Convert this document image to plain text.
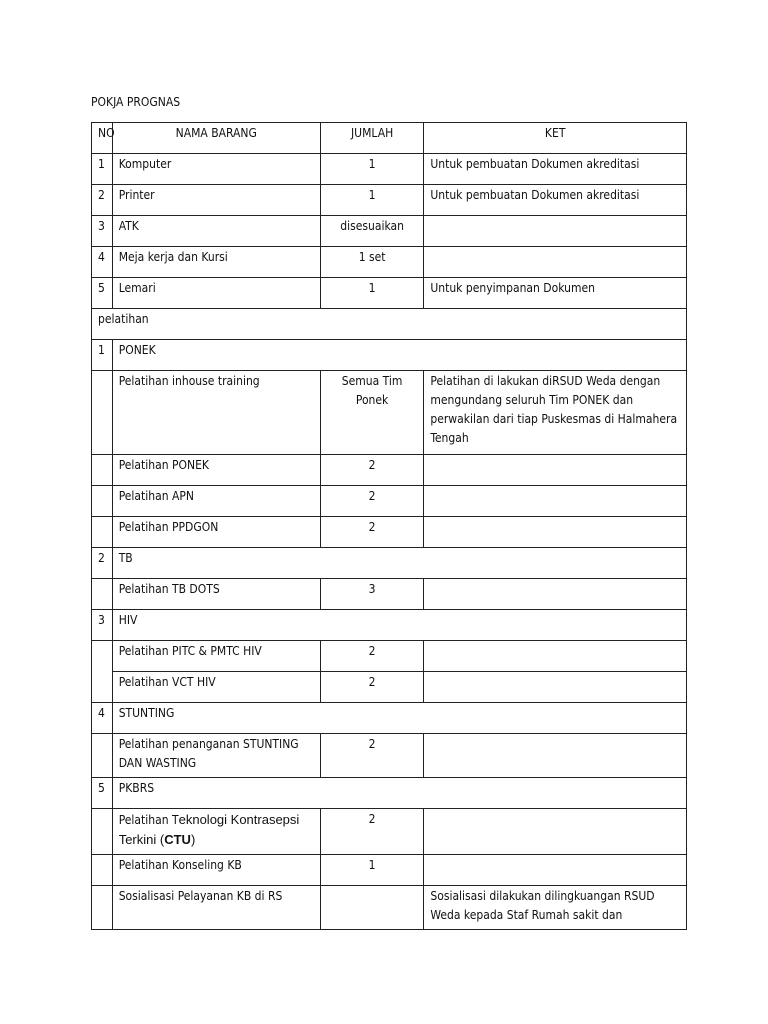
POKJA PROGNAS
NO	NAMA BARANG	JUMLAH	KET
1	Komputer	1	Untuk pembuatan Dokumen akreditasi
2	Printer	1	Untuk pembuatan Dokumen akreditasi
3	ATK	disesuaikan	
4	Meja kerja dan Kursi	1 set	
5	Lemari	1	Untuk penyimpanan Dokumen
pelatihan			
1	PONEK		
	Pelatihan inhouse training	Semua Tim Ponek	Pelatihan di lakukan diRSUD Weda dengan mengundang seluruh Tim PONEK dan perwakilan dari tiap Puskesmas di Halmahera Tengah
	Pelatihan PONEK	2	
	Pelatihan APN	2	
	Pelatihan PPDGON	2	
2	TB		
	Pelatihan TB DOTS	3	
3	HIV		
	Pelatihan PITC & PMTC HIV	2	
	Pelatihan VCT HIV	2	
4	STUNTING		
	Pelatihan penanganan STUNTING DAN WASTING	2	
5	PKBRS		
	Pelatihan Teknologi Kontrasepsi Terkini (CTU)	2	
	Pelatihan Konseling KB	1	
	Sosialisasi Pelayanan KB di RS		Sosialisasi dilakukan dilingkuangan RSUD Weda kepada Staf Rumah sakit dan
